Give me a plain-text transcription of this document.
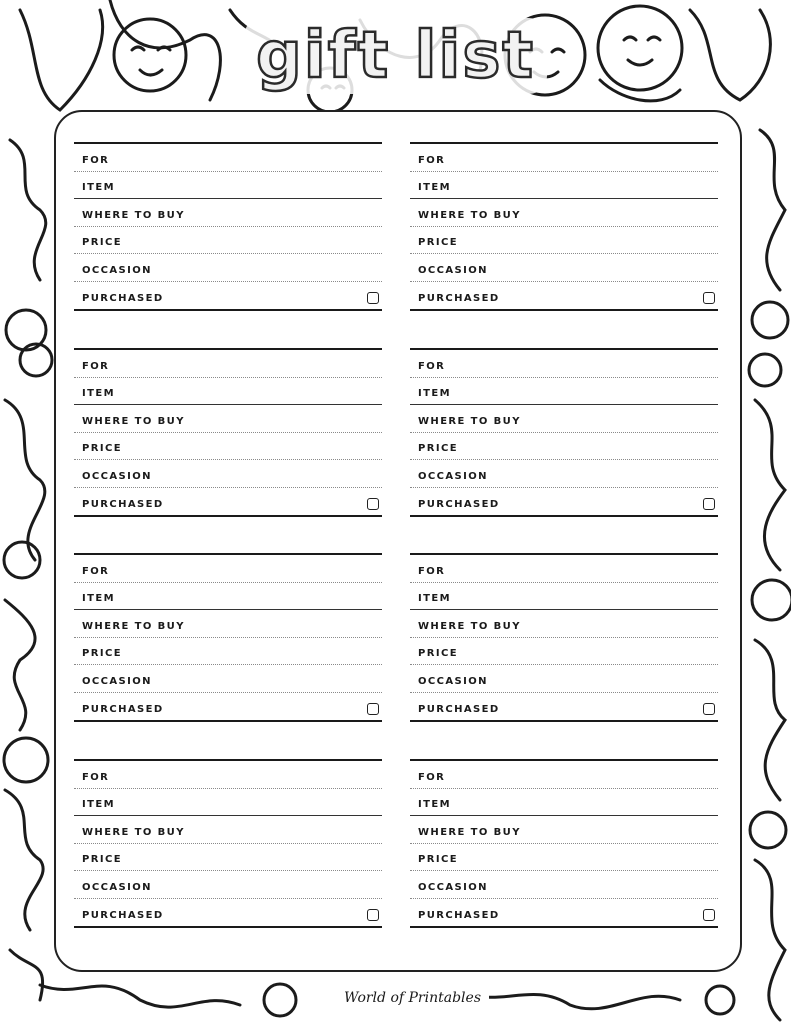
gift list
FOR
ITEM
WHERE TO BUY
PRICE
OCCASION
PURCHASED
FOR
ITEM
WHERE TO BUY
PRICE
OCCASION
PURCHASED
FOR
ITEM
WHERE TO BUY
PRICE
OCCASION
PURCHASED
FOR
ITEM
WHERE TO BUY
PRICE
OCCASION
PURCHASED
FOR
ITEM
WHERE TO BUY
PRICE
OCCASION
PURCHASED
FOR
ITEM
WHERE TO BUY
PRICE
OCCASION
PURCHASED
FOR
ITEM
WHERE TO BUY
PRICE
OCCASION
PURCHASED
FOR
ITEM
WHERE TO BUY
PRICE
OCCASION
PURCHASED
World of Printables
